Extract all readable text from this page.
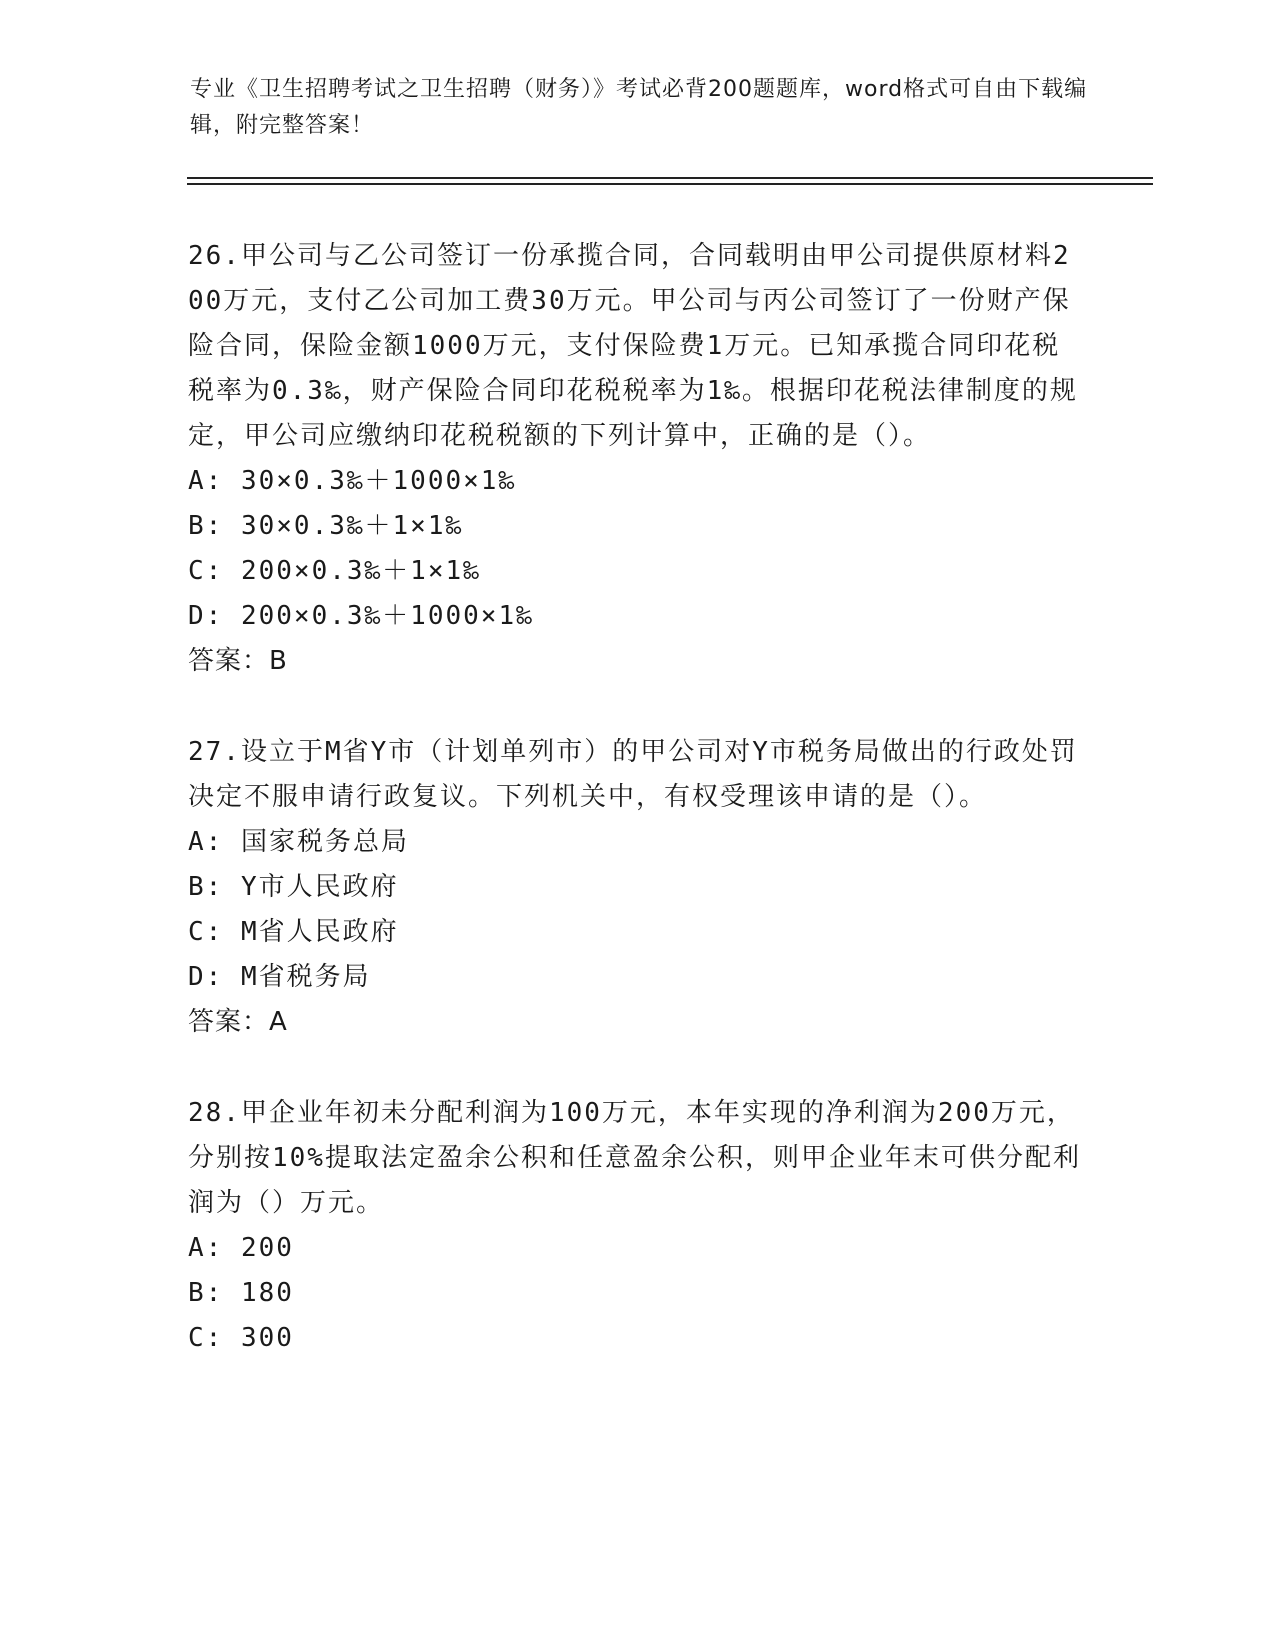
专业《卫生招聘考试之卫生招聘（财务）》考试必背200题题库，word格式可自由下载编辑，附完整答案！

26.甲公司与乙公司签订一份承揽合同，合同载明由甲公司提供原材料200万元，支付乙公司加工费30万元。甲公司与丙公司签订了一份财产保险合同，保险金额1000万元，支付保险费1万元。已知承揽合同印花税税率为0.3‰，财产保险合同印花税税率为1‰。根据印花税法律制度的规定，甲公司应缴纳印花税税额的下列计算中，正确的是（）。

A: 30×0.3‰＋1000×1‰

B: 30×0.3‰＋1×1‰

C: 200×0.3‰＋1×1‰

D: 200×0.3‰＋1000×1‰

答案：B

27.设立于M省Y市（计划单列市）的甲公司对Y市税务局做出的行政处罚决定不服申请行政复议。下列机关中，有权受理该申请的是（）。

A: 国家税务总局

B: Y市人民政府

C: M省人民政府

D: M省税务局

答案：A

28.甲企业年初未分配利润为100万元，本年实现的净利润为200万元，分别按10%提取法定盈余公积和任意盈余公积，则甲企业年末可供分配利润为（）万元。

A: 200

B: 180

C: 300
